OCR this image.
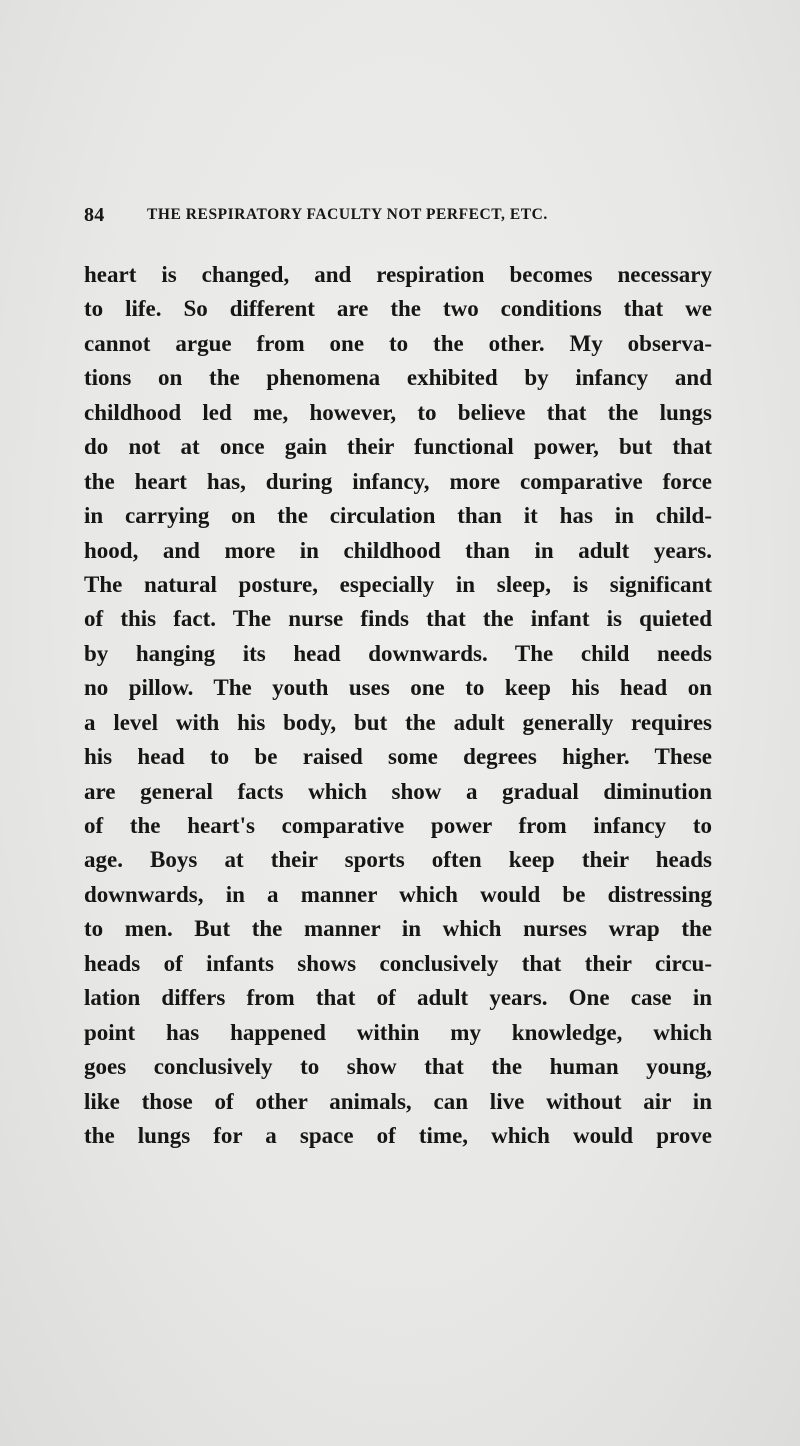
84	THE RESPIRATORY FACULTY NOT PERFECT, ETC.
heart is changed, and respiration becomes necessary
to life. So different are the two conditions that we
cannot argue from one to the other. My observa-
tions on the phenomena exhibited by infancy and
childhood led me, however, to believe that the lungs
do not at once gain their functional power, but that
the heart has, during infancy, more comparative force
in carrying on the circulation than it has in child-
hood, and more in childhood than in adult years.
The natural posture, especially in sleep, is significant
of this fact. The nurse finds that the infant is quieted
by hanging its head downwards. The child needs
no pillow. The youth uses one to keep his head on
a level with his body, but the adult generally requires
his head to be raised some degrees higher. These
are general facts which show a gradual diminution
of the heart's comparative power from infancy to
age. Boys at their sports often keep their heads
downwards, in a manner which would be distressing
to men. But the manner in which nurses wrap the
heads of infants shows conclusively that their circu-
lation differs from that of adult years. One case in
point has happened within my knowledge, which
goes conclusively to show that the human young,
like those of other animals, can live without air in
the lungs for a space of time, which would prove
